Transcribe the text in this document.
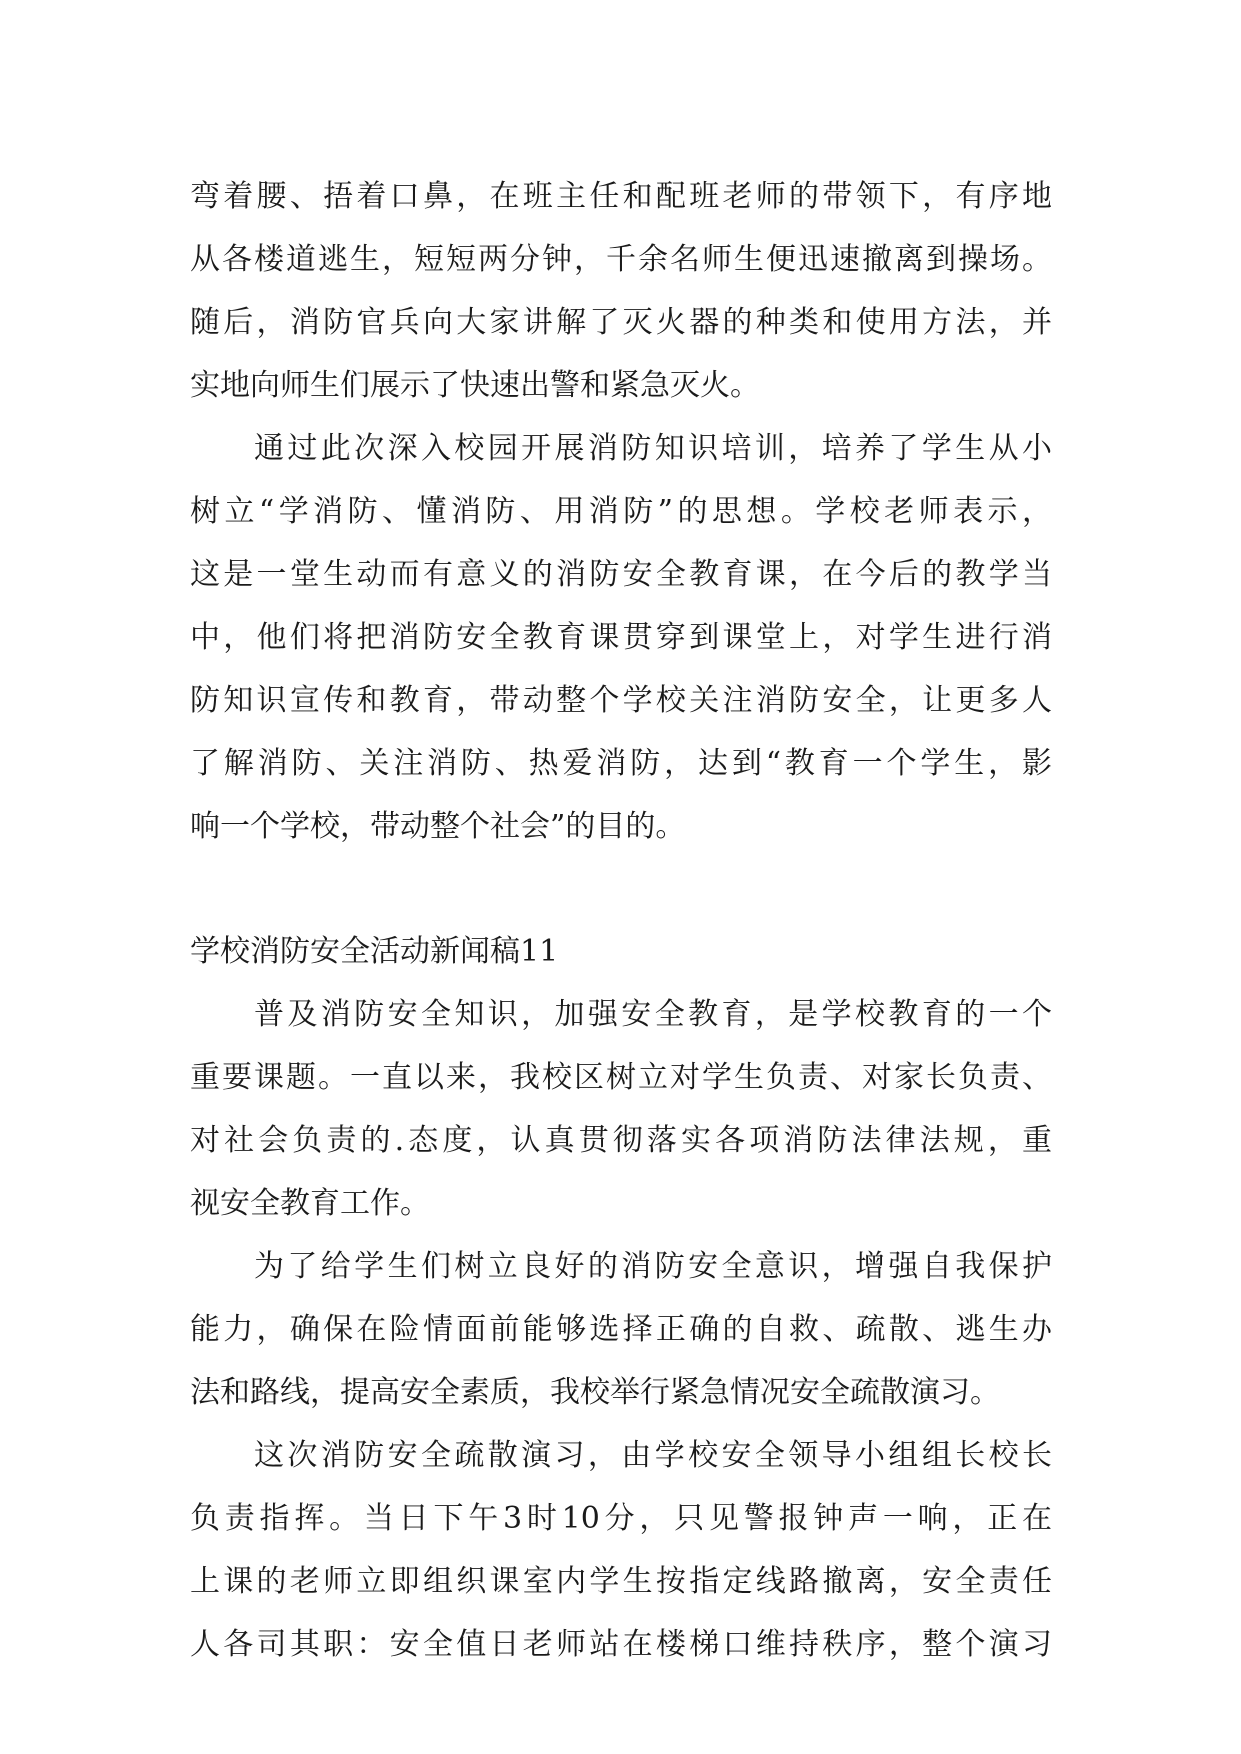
弯着腰、捂着口鼻，在班主任和配班老师的带领下，有序地
从各楼道逃生，短短两分钟，千余名师生便迅速撤离到操场。
随后，消防官兵向大家讲解了灭火器的种类和使用方法，并
实地向师生们展示了快速出警和紧急灭火。
通过此次深入校园开展消防知识培训，培养了学生从小
树立“学消防、懂消防、用消防”的思想。学校老师表示，
这是一堂生动而有意义的消防安全教育课，在今后的教学当
中，他们将把消防安全教育课贯穿到课堂上，对学生进行消
防知识宣传和教育，带动整个学校关注消防安全，让更多人
了解消防、关注消防、热爱消防，达到“教育一个学生，影
响一个学校，带动整个社会”的目的。
学校消防安全活动新闻稿11
普及消防安全知识，加强安全教育，是学校教育的一个
重要课题。一直以来，我校区树立对学生负责、对家长负责、
对社会负责的.态度，认真贯彻落实各项消防法律法规，重
视安全教育工作。
为了给学生们树立良好的消防安全意识，增强自我保护
能力，确保在险情面前能够选择正确的自救、疏散、逃生办
法和路线，提高安全素质，我校举行紧急情况安全疏散演习。
这次消防安全疏散演习，由学校安全领导小组组长校长
负责指挥。当日下午3时10分，只见警报钟声一响，正在
上课的老师立即组织课室内学生按指定线路撤离，安全责任
人各司其职：安全值日老师站在楼梯口维持秩序，整个演习
